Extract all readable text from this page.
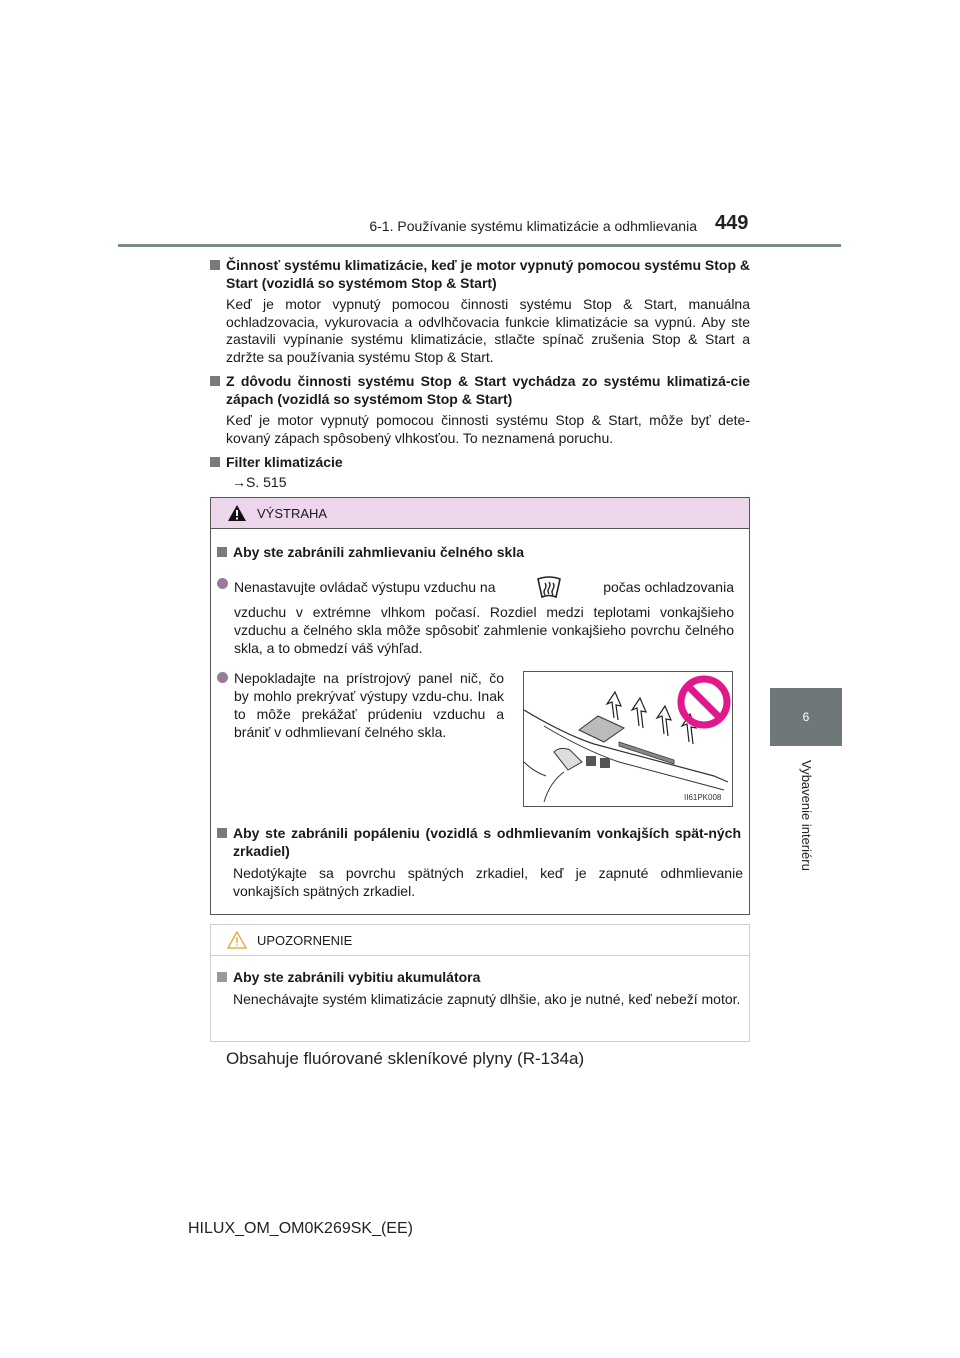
6-1. Používanie systému klimatizácie a odhmlievania 449
6
Vybavenie interiéru
Činnosť systému klimatizácie, keď je motor vypnutý pomocou systému Stop & Start (vozidlá so systémom Stop & Start)
Keď je motor vypnutý pomocou činnosti systému Stop & Start, manuálna ochladzovacia, vykurovacia a odvlhčovacia funkcie klimatizácie sa vypnú. Aby ste zastavili vypínanie systému klimatizácie, stlačte spínač zrušenia Stop & Start a zdržte sa používania systému Stop & Start.
Z dôvodu činnosti systému Stop & Start vychádza zo systému klimatizá-cie zápach (vozidlá so systémom Stop & Start)
Keď je motor vypnutý pomocou činnosti systému Stop & Start, môže byť dete-kovaný zápach spôsobený vlhkosťou. To neznamená poruchu.
Filter klimatizácie
→S. 515
VÝSTRAHA
Aby ste zabránili zahmlievaniu čelného skla
Nenastavujte ovládač výstupu vzduchu na	počas ochladzovania
vzduchu v extrémne vlhkom počasí. Rozdiel medzi teplotami vonkajšieho vzduchu a čelného skla môže spôsobiť zahmlenie vonkajšieho povrchu čelného skla, a to obmedzí váš výhľad.
Nepokladajte na prístrojový panel nič, čo by mohlo prekrývať výstupy vzdu-chu. Inak to môže prekážať prúdeniu vzduchu a brániť v odhmlievaní čelného skla.
Aby ste zabránili popáleniu (vozidlá s odhmlievaním vonkajších spät-ných zrkadiel)
Nedotýkajte sa povrchu spätných zrkadiel, keď je zapnuté odhmlievanie vonkajších spätných zrkadiel.
II61PK008
UPOZORNENIE
Aby ste zabránili vybitiu akumulátora
Nenechávajte systém klimatizácie zapnutý dlhšie, ako je nutné, keď nebeží motor.
Obsahuje fluórované skleníkové plyny (R-134a)
HILUX_OM_OM0K269SK_(EE)
